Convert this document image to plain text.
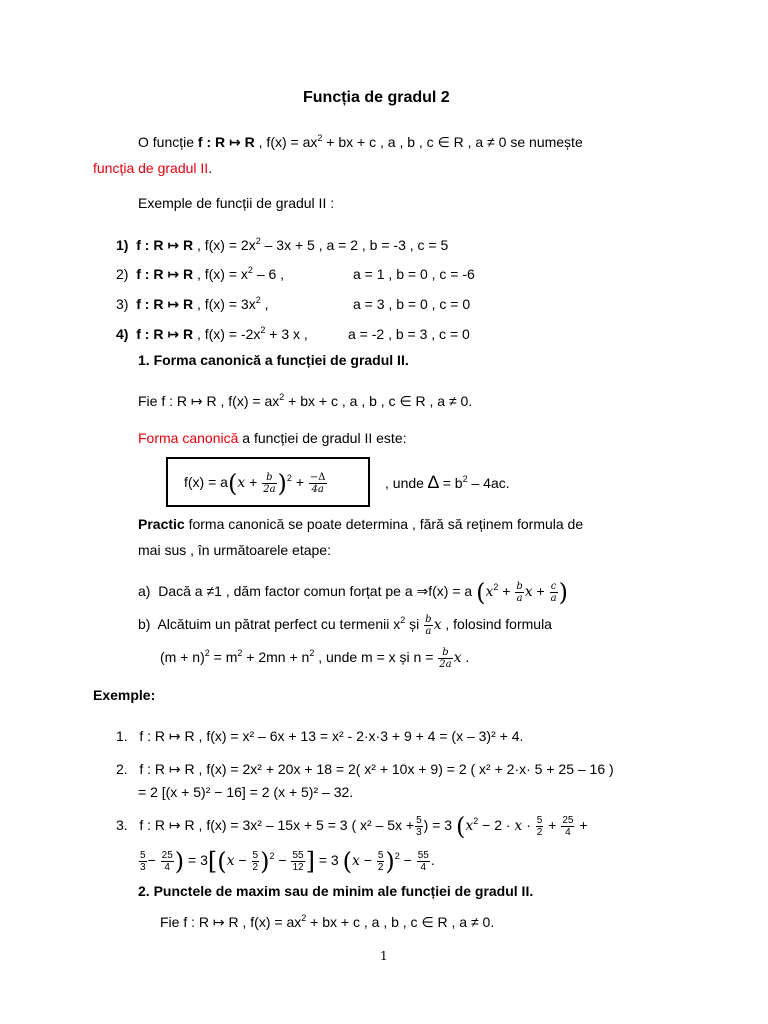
Funcția de gradul 2
O funcție f : R ↦ R , $f(x) = ax^2$ + bx + c , a , b , c ∈ R , a ≠ 0 se numește
funcția de gradul II.
Exemple de funcții de gradul II :
1) f : R ↦ R , $f(x) = 2x^2 - 3x + 5$ , a = 2 , b = -3 , c = 5
2) f : R ↦ R , $f(x) = x^2 - 6$ ,	a = 1 , b = 0 , c = -6
3) f : R ↦ R , $f(x) = 3x^2$ ,	a = 3 , b = 0 , c = 0
4) f : R ↦ R , $f(x) = -2x^2 + 3$ x ,	a = -2 , b = 3 , c = 0
1. Forma canonică a funcției de gradul II.
Fie f : R ↦ R , $f(x) = ax^2$ + bx + c , a , b , c ∈ R , a ≠ 0.
Forma canonică a funcției de gradul II este:
$f(x) = a(x + \frac{b}{2a} )^2 + \frac{-\Delta}{4a}$	, unde ∆ = $b^2 - 4ac$.
Practic forma canonică se poate determina , fără să reținem formula de
mai sus , în următoarele etape:
a) Dacă a ≠1 , dăm factor comun forțat pe a ⇒f(x) = a ($x^2 + \frac{b}{a}$ $x + \frac{c}{a}$ )
b) Alcătuim un pătrat perfect cu termenii $x^2$ și $\frac{b}{a}$ x , folosind formula
$(m + n)^2 = m^2 + 2mn + n^2$ , unde m = x și $n = \frac{b}{2a}$ x .
Exemple:
1. f : R ↦ R , f(x) = x² – 6x + 13 = x² - 2·x·3 + 9 + 4 = (x – 3)² + 4.
2. f : R ↦ R , f(x) = 2x² + 20x + 18 = 2( x² + 10x + 9) = 2 ( x² + 2·x· 5 + 25 – 16 )
= 2 [(x + 5)² − 16] = 2 (x + 5)² – 32.
3. f : R ↦ R , f(x) = 3x² – 15x + 5 = 3 ( $x^2 - 5x + \frac{5}{3}$ ) = 3 ($x^2 - 2 \cdot x \cdot \frac{5}{2} + \frac{25}{4}$ +
$\frac{5}{3} - \frac{25}{4}$ ) = $3[(x - \frac{5}{2} )^2 - \frac{55}{12}$ ] = 3 $(x - \frac{5}{2} )^2 - \frac{55}{4}$ .
2. Punctele de maxim sau de minim ale funcției de gradul II.
Fie f : R ↦ R , $f(x) = ax^2$ + bx + c , a , b , c ∈ R , a ≠ 0.
1
